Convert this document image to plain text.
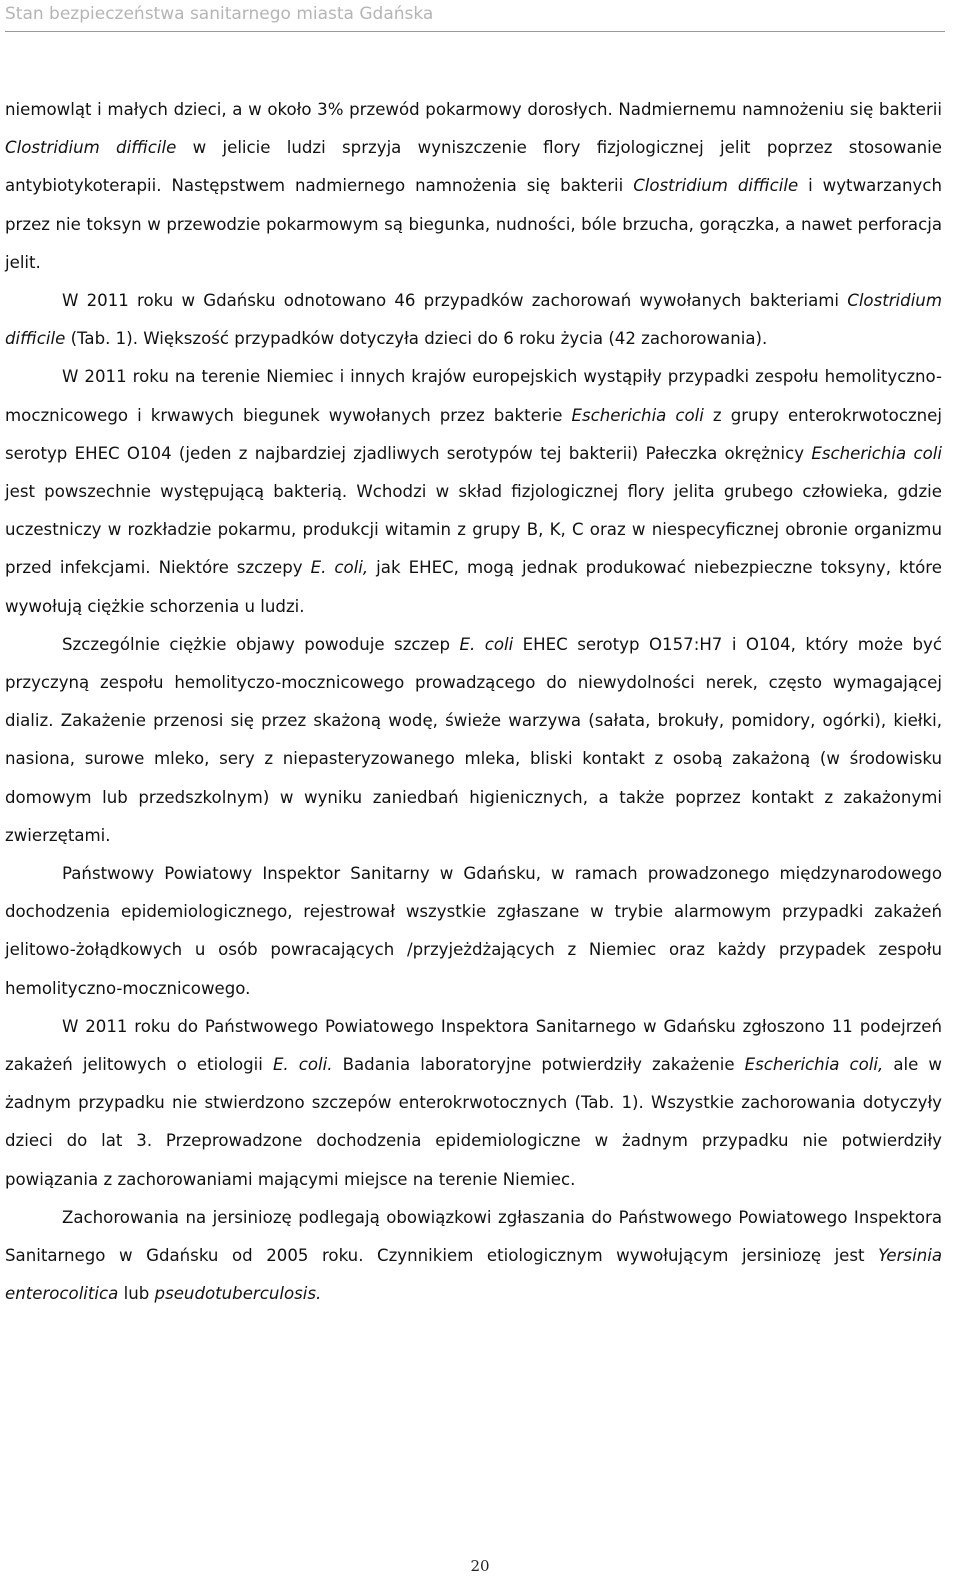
Stan bezpieczeństwa sanitarnego miasta Gdańska

niemowląt i małych dzieci, a w około 3% przewód pokarmowy dorosłych. Nadmiernemu namnożeniu się bakterii Clostridium difficile w jelicie ludzi sprzyja wyniszczenie flory fizjologicznej jelit poprzez stosowanie antybiotykoterapii. Następstwem nadmiernego namnożenia się bakterii Clostridium difficile i wytwarzanych przez nie toksyn w przewodzie pokarmowym są biegunka, nudności, bóle brzucha, gorączka, a nawet perforacja jelit.

W 2011 roku w Gdańsku odnotowano 46 przypadków zachorowań wywołanych bakteriami Clostridium difficile (Tab. 1). Większość przypadków dotyczyła dzieci do 6 roku życia (42 zachorowania).

W 2011 roku na terenie Niemiec i innych krajów europejskich wystąpiły przypadki zespołu hemolityczno-mocznicowego i krwawych biegunek wywołanych przez bakterie Escherichia coli z grupy enterokrwotocznej serotyp EHEC O104 (jeden z najbardziej zjadliwych serotypów tej bakterii) Pałeczka okrężnicy Escherichia coli jest powszechnie występującą bakterią. Wchodzi w skład fizjologicznej flory jelita grubego człowieka, gdzie uczestniczy w rozkładzie pokarmu, produkcji witamin z grupy B, K, C oraz w niespecyficznej obronie organizmu przed infekcjami. Niektóre szczepy E. coli, jak EHEC, mogą jednak produkować niebezpieczne toksyny, które wywołują ciężkie schorzenia u ludzi.

Szczególnie ciężkie objawy powoduje szczep E. coli EHEC serotyp O157:H7 i O104, który może być przyczyną zespołu hemolityczo-mocznicowego prowadzącego do niewydolności nerek, często wymagającej dializ. Zakażenie przenosi się przez skażoną wodę, świeże warzywa (sałata, brokuły, pomidory, ogórki), kiełki, nasiona, surowe mleko, sery z niepasteryzowanego mleka, bliski kontakt z osobą zakażoną (w środowisku domowym lub przedszkolnym) w wyniku zaniedbań higienicznych, a także poprzez kontakt z zakażonymi zwierzętami.

Państwowy Powiatowy Inspektor Sanitarny w Gdańsku, w ramach prowadzonego międzynarodowego dochodzenia epidemiologicznego, rejestrował wszystkie zgłaszane w trybie alarmowym przypadki zakażeń jelitowo-żołądkowych u osób powracających /przyjeżdżających z Niemiec oraz każdy przypadek zespołu hemolityczno-mocznicowego.

W 2011 roku do Państwowego Powiatowego Inspektora Sanitarnego w Gdańsku zgłoszono 11 podejrzeń zakażeń jelitowych o etiologii E. coli. Badania laboratoryjne potwierdziły zakażenie Escherichia coli, ale w żadnym przypadku nie stwierdzono szczepów enterokrwotocznych (Tab. 1). Wszystkie zachorowania dotyczyły dzieci do lat 3. Przeprowadzone dochodzenia epidemiologiczne w żadnym przypadku nie potwierdziły powiązania z zachorowaniami mającymi miejsce na terenie Niemiec.

Zachorowania na jersiniozę podlegają obowiązkowi zgłaszania do Państwowego Powiatowego Inspektora Sanitarnego w Gdańsku od 2005 roku. Czynnikiem etiologicznym wywołującym jersiniozę jest Yersinia enterocolitica lub pseudotuberculosis.

20
